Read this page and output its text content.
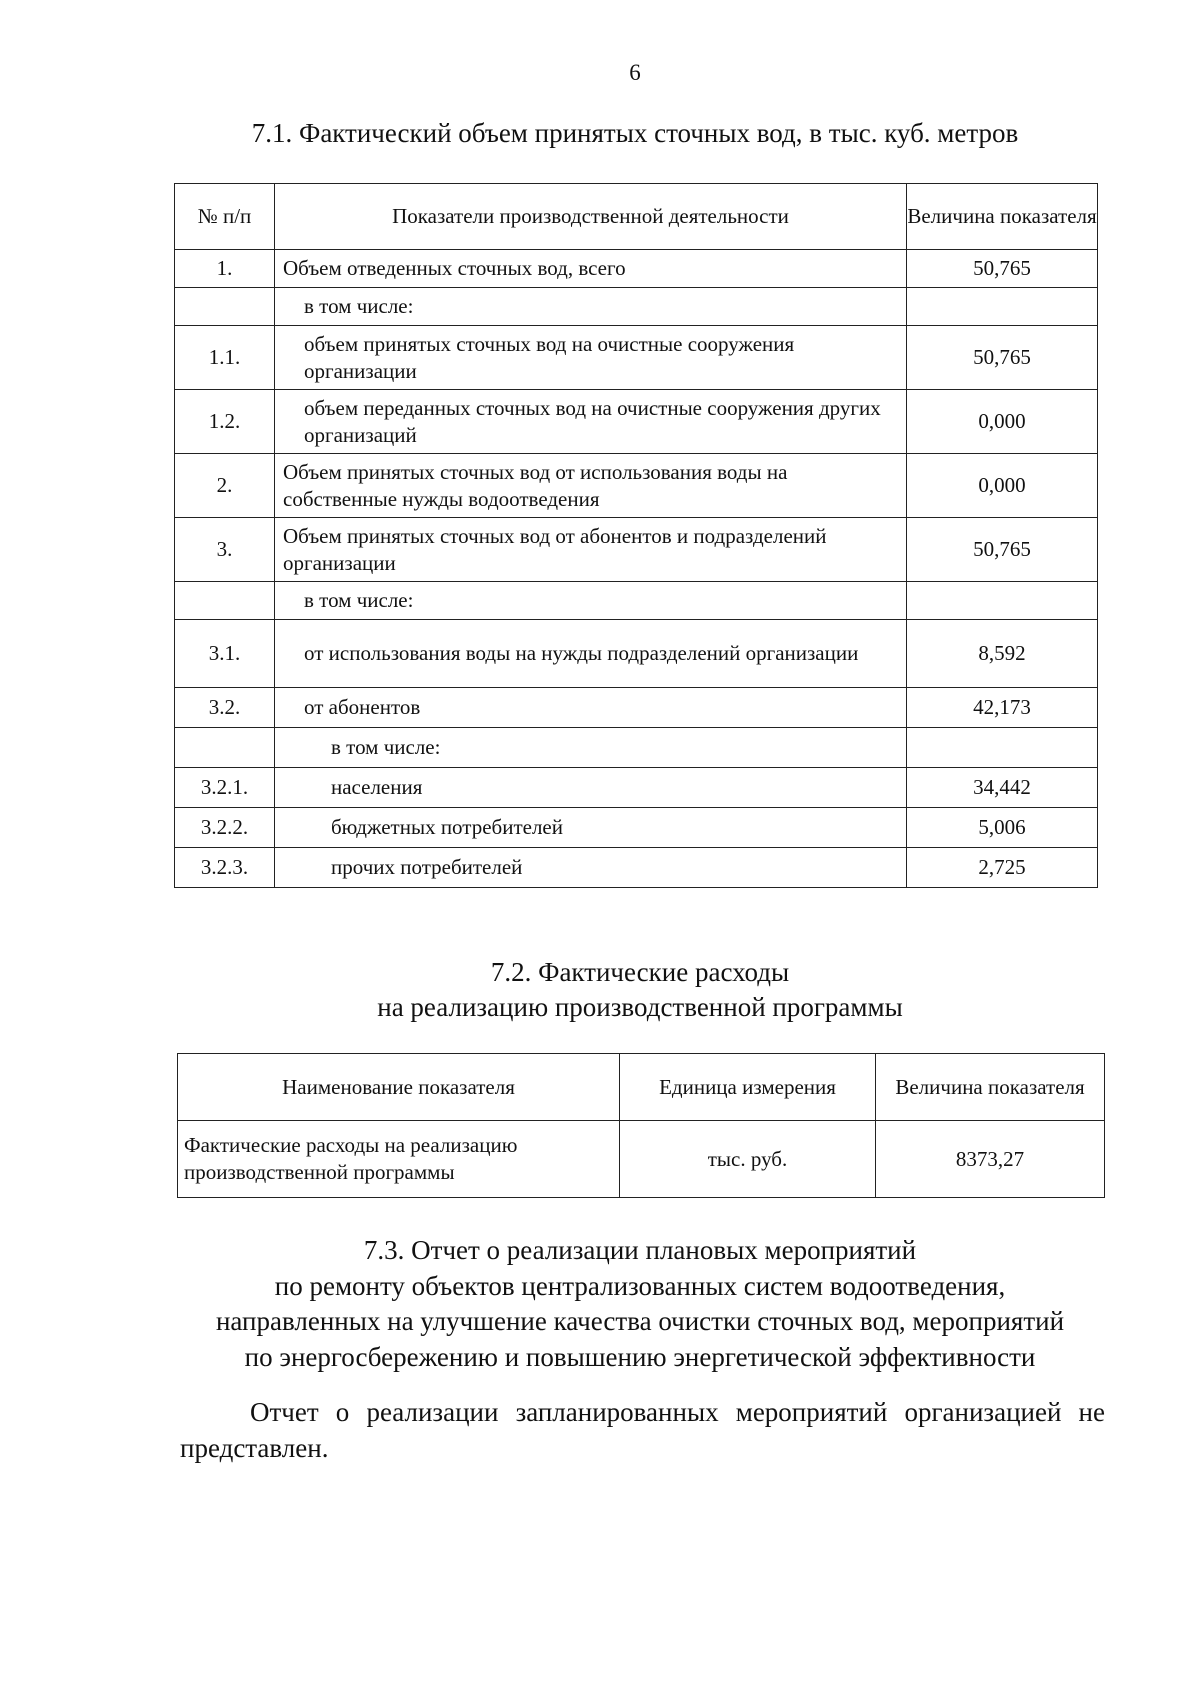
6
7.1. Фактический объем принятых сточных вод, в тыс. куб. метров
№ п/п	Показатели производственной деятельности	Величина показателя
1.	Объем отведенных сточных вод, всего	50,765
	в том числе:	
1.1.	объем принятых сточных вод на очистные сооружения организации	50,765
1.2.	объем переданных сточных вод на очистные сооружения других организаций	0,000
2.	Объем принятых сточных вод от использования воды на собственные нужды водоотведения	0,000
3.	Объем принятых сточных вод от абонентов и подразделений организации	50,765
	в том числе:	
3.1.	от использования воды на нужды подразделений организации	8,592
3.2.	от абонентов	42,173
	в том числе:	
3.2.1.	населения	34,442
3.2.2.	бюджетных потребителей	5,006
3.2.3.	прочих потребителей	2,725
7.2. Фактические расходы
на реализацию производственной программы
Наименование показателя	Единица измерения	Величина показателя
Фактические расходы на реализацию производственной программы	тыс. руб.	8373,27
7.3. Отчет о реализации плановых мероприятий
по ремонту объектов централизованных систем водоотведения,
направленных на улучшение качества очистки сточных вод, мероприятий
по энергосбережению и повышению энергетической эффективности
Отчет о реализации запланированных мероприятий организацией не представлен.
